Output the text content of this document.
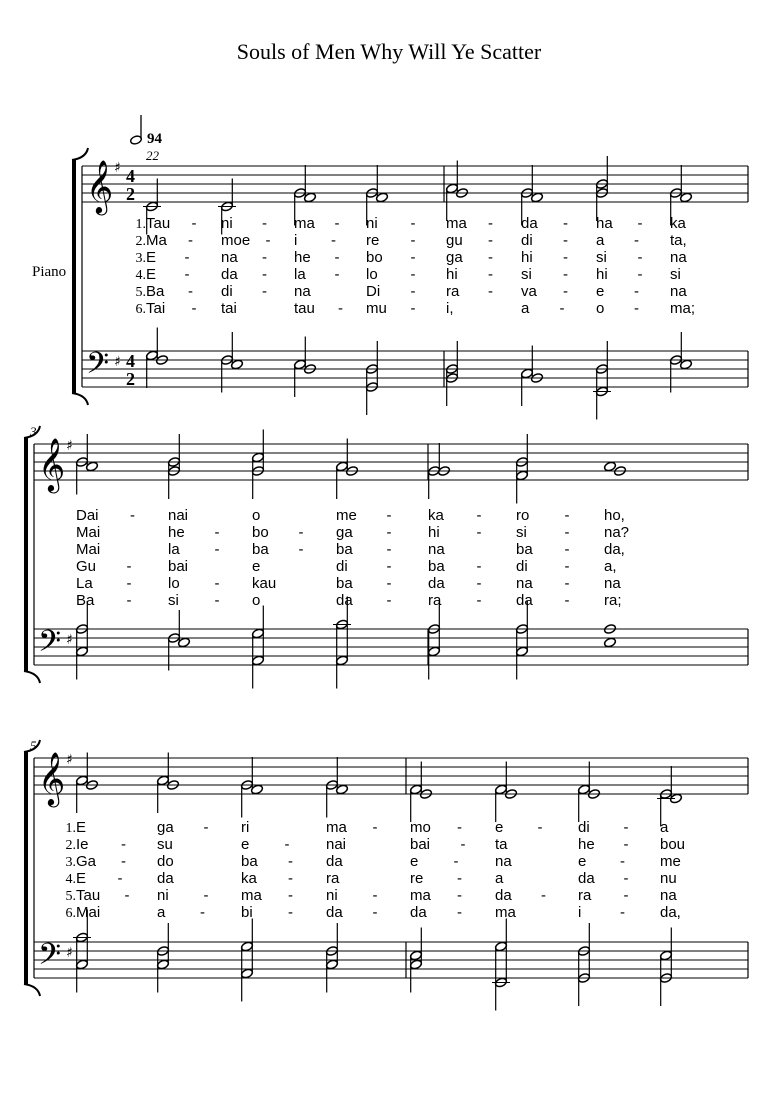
Souls of Men Why Will Ye Scatter
Piano
94
𝄞
𝄢
♯
♯
4
2
4
2
22
1. Tau - ni - ma - ni - ma - da - ha - ka
2. Ma - moe - i - re - gu - di - a - ta,
3. E - na - he - bo - ga - hi - si - na
4. E - da - la - lo - hi - si - hi - si
5. Ba - di - na	Di - ra - va - e - na
6. Tai - tai	tau - mu - i,	a - o - ma;
𝄞
𝄢
♯
♯
3
Dai - nai	o	me - ka - ro - ho,
Mai	he - bo - ga - hi - si	- na?
Mai	la - ba - ba - na	ba - da,
Gu - bai	e	di	- ba - di - a,
La - lo - kau	ba - da - na - na
Ba - si - o	da - ra - da - ra;
𝄞
𝄢
♯
♯
5
1. E	ga - ri	ma - mo - e - di - a
2. Ie - su	e - nai	bai - ta	he - bou
3. Ga - do	ba - da	e - na	e - me
4. E - da	ka - ra	re - a	da - nu
5. Tau - ni - ma - ni - ma - da - ra - na
6. Mai	a - bi - da - da - ma	i	- da,
